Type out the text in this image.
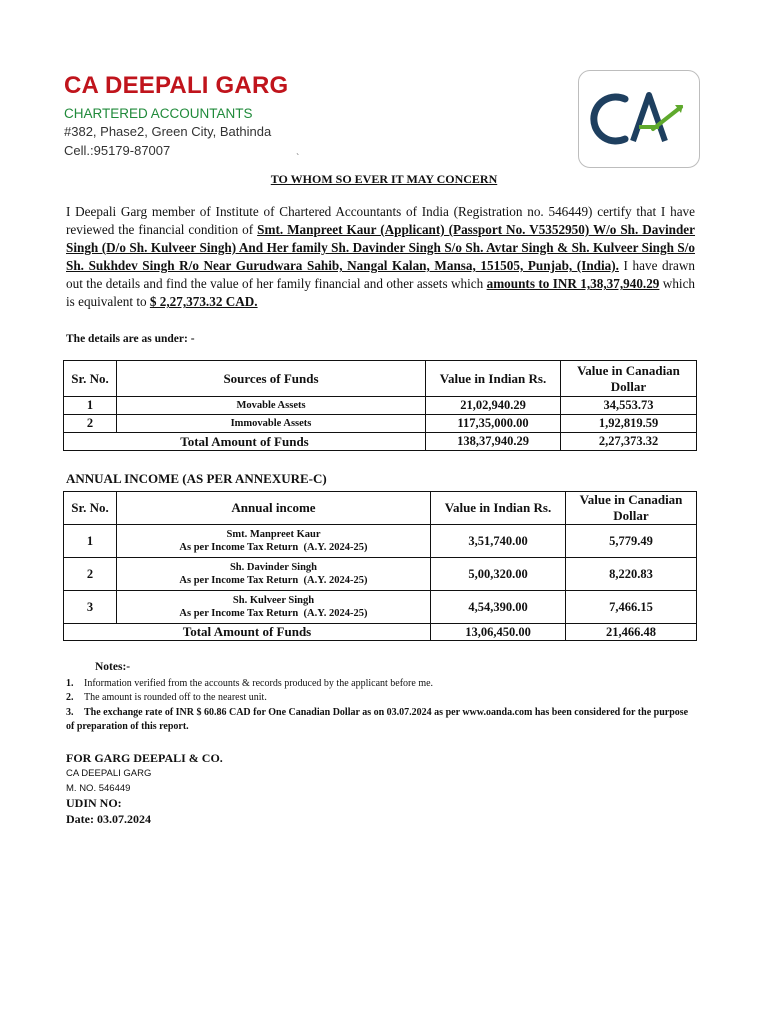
CA DEEPALI GARG
CHARTERED ACCOUNTANTS
#382, Phase2, Green City, Bathinda
Cell.:95179-87007
`
TO WHOM SO EVER IT MAY CONCERN
I Deepali Garg member of Institute of Chartered Accountants of India (Registration no. 546449) certify that I have reviewed the financial condition of Smt. Manpreet Kaur (Applicant) (Passport No. V5352950) W/o Sh. Davinder Singh (D/o Sh. Kulveer Singh) And Her family Sh. Davinder Singh S/o Sh. Avtar Singh & Sh. Kulveer Singh S/o Sh. Sukhdev Singh R/o Near Gurudwara Sahib, Nangal Kalan, Mansa, 151505, Punjab, (India). I have drawn out the details and find the value of her family financial and other assets which amounts to INR 1,38,37,940.29 which is equivalent to $ 2,27,373.32 CAD.
The details are as under: -
Sr. No.	Sources of Funds	Value in Indian Rs.	Value in Canadian Dollar
1	Movable Assets	21,02,940.29	34,553.73
2	Immovable Assets	117,35,000.00	1,92,819.59
Total Amount of Funds		138,37,940.29	2,27,373.32
ANNUAL INCOME (AS PER ANNEXURE-C)
Sr. No.	Annual income	Value in Indian Rs.	Value in Canadian Dollar
1	Smt. Manpreet Kaur
As per Income Tax Return  (A.Y. 2024-25)	3,51,740.00	5,779.49
2	Sh. Davinder Singh
As per Income Tax Return  (A.Y. 2024-25)	5,00,320.00	8,220.83
3	Sh. Kulveer Singh
As per Income Tax Return  (A.Y. 2024-25)	4,54,390.00	7,466.15
Total Amount of Funds		13,06,450.00	21,466.48
Notes:-
1. Information verified from the accounts & records produced by the applicant before me.
2. The amount is rounded off to the nearest unit.
3. The exchange rate of INR $ 60.86 CAD for One Canadian Dollar as on 03.07.2024 as per www.oanda.com has been considered for the purpose of preparation of this report.
FOR GARG DEEPALI & CO.
CA DEEPALI GARG
M. NO. 546449
UDIN NO:
Date: 03.07.2024
